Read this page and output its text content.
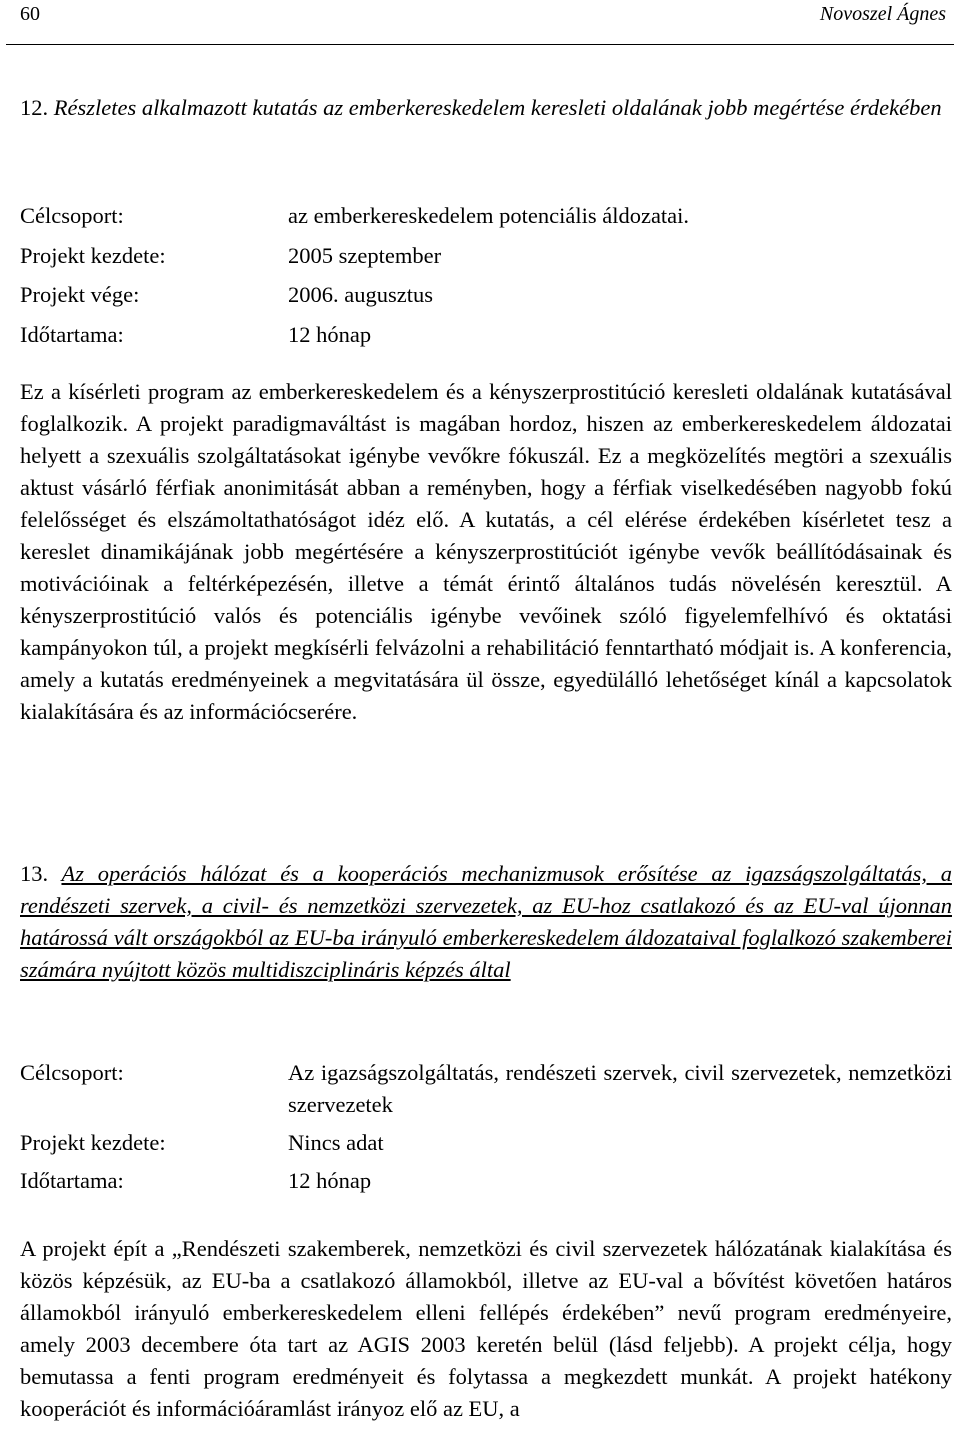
60	Novoszel Ágnes
12. Részletes alkalmazott kutatás az emberkereskedelem keresleti oldalának jobb megértése érdekében
Célcsoport:	az emberkereskedelem potenciális áldozatai.
Projekt kezdete:	2005 szeptember
Projekt vége:	2006. augusztus
Időtartama:	12 hónap

Ez a kísérleti program az emberkereskedelem és a kényszerprostitúció keresleti oldalának kutatásával foglalkozik. A projekt paradigmaváltást is magában hordoz, hiszen az emberkereskedelem áldozatai helyett a szexuális szolgáltatásokat igénybe vevőkre fókuszál. Ez a megközelítés megtöri a szexuális aktust vásárló férfiak anonimitását abban a reményben, hogy a férfiak viselkedésében nagyobb fokú felelősséget és elszámoltathatóságot idéz elő. A kutatás, a cél elérése érdekében kísérletet tesz a kereslet dinamikájának jobb megértésére a kényszerprostitúciót igénybe vevők beállítódásainak és motivációinak a feltérképezésén, illetve a témát érintő általános tudás növelésén keresztül. A kényszerprostitúció valós és potenciális igénybe vevőinek szóló figyelemfelhívó és oktatási kampányokon túl, a projekt megkísérli felvázolni a rehabilitáció fenntartható módjait is. A konferencia, amely a kutatás eredményeinek a megvitatására ül össze, egyedülálló lehetőséget kínál a kapcsolatok kialakítására és az információcserére.

13. Az operációs hálózat és a kooperációs mechanizmusok erősítése az igazságszolgáltatás, a rendészeti szervek, a civil- és nemzetközi szervezetek, az EU-hoz csatlakozó és az EU-val újonnan határossá vált országokból az EU-ba irányuló emberkereskedelem áldozataival foglalkozó szakemberei számára nyújtott közös multidiszciplináris képzés által
Célcsoport:	Az igazságszolgáltatás, rendészeti szervek, civil szervezetek, nemzetközi szervezetek
Projekt kezdete:	Nincs adat
Időtartama:	12 hónap

A projekt épít a „Rendészeti szakemberek, nemzetközi és civil szervezetek hálózatának kialakítása és közös képzésük, az EU-ba a csatlakozó államokból, illetve az EU-val a bővítést követően határos államokból irányuló emberkereskedelem elleni fellépés érdekében” nevű program eredményeire, amely 2003 decembere óta tart az AGIS 2003 keretén belül (lásd feljebb). A projekt célja, hogy bemutassa a fenti program eredményeit és folytassa a megkezdett munkát. A projekt hatékony kooperációt és információáramlást irányoz elő az EU, a
